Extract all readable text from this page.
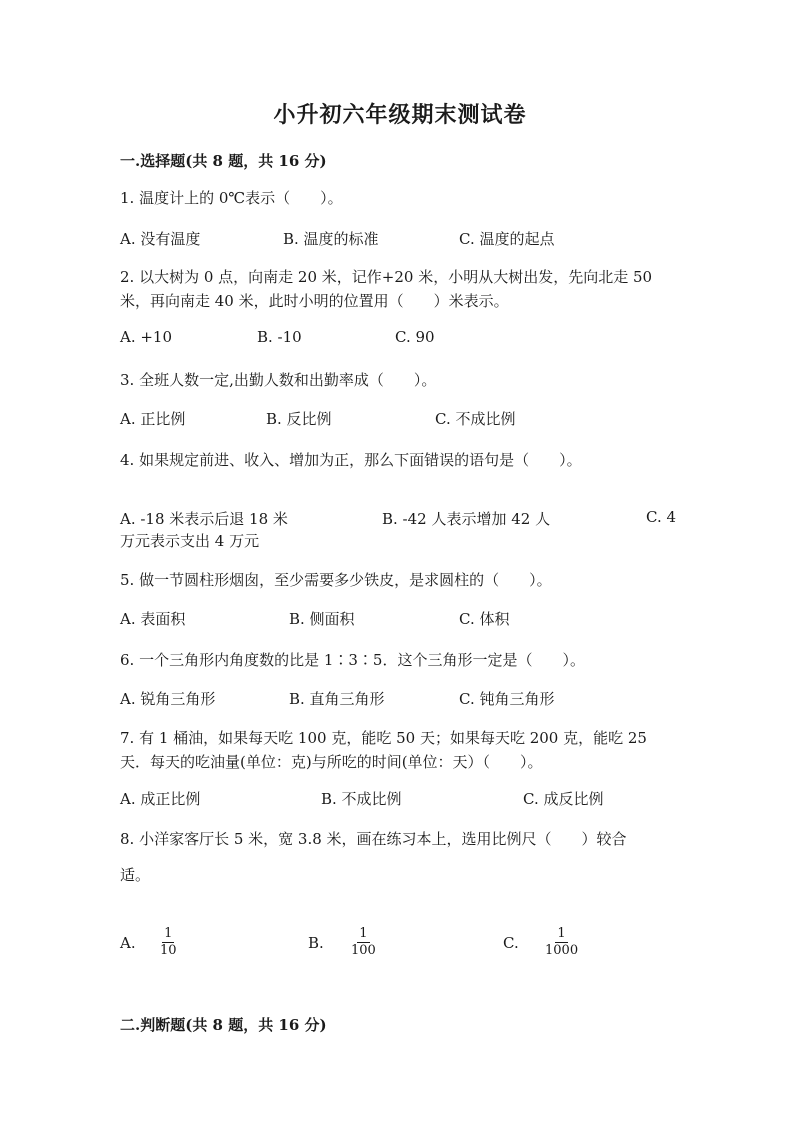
小升初六年级期末测试卷
一.选择题(共 8 题，共 16 分)
1. 温度计上的 0℃表示（　　）。
A. 没有温度	B. 温度的标准	C. 温度的起点
2. 以大树为 0 点，向南走 20 米，记作+20 米，小明从大树出发，先向北走 50 米，再向南走 40 米，此时小明的位置用（　　）米表示。
A. +10	B. -10	C. 90
3. 全班人数一定,出勤人数和出勤率成（　　）。
A. 正比例	B. 反比例	C. 不成比例
4. 如果规定前进、收入、增加为正，那么下面错误的语句是（　　）。
A. -18 米表示后退 18 米	B. -42 人表示增加 42 人	C. 4
万元表示支出 4 万元
5. 做一节圆柱形烟囱，至少需要多少铁皮，是求圆柱的（　　）。
A. 表面积	B. 侧面积	C. 体积
6. 一个三角形内角度数的比是 1∶3∶5．这个三角形一定是（　　）。
A. 锐角三角形	B. 直角三角形	C. 钝角三角形
7. 有 1 桶油，如果每天吃 100 克，能吃 50 天；如果每天吃 200 克，能吃 25 天．每天的吃油量(单位：克)与所吃的时间(单位：天）（　　）。
A. 成正比例	B. 不成比例	C. 成反比例
8. 小洋家客厅长 5 米，宽 3.8 米，画在练习本上，选用比例尺（　　）较合
适。
A. $\frac{1}{10}$	B. $\frac{1}{100}$	C. $\frac{1}{1000}$
二.判断题(共 8 题，共 16 分)
